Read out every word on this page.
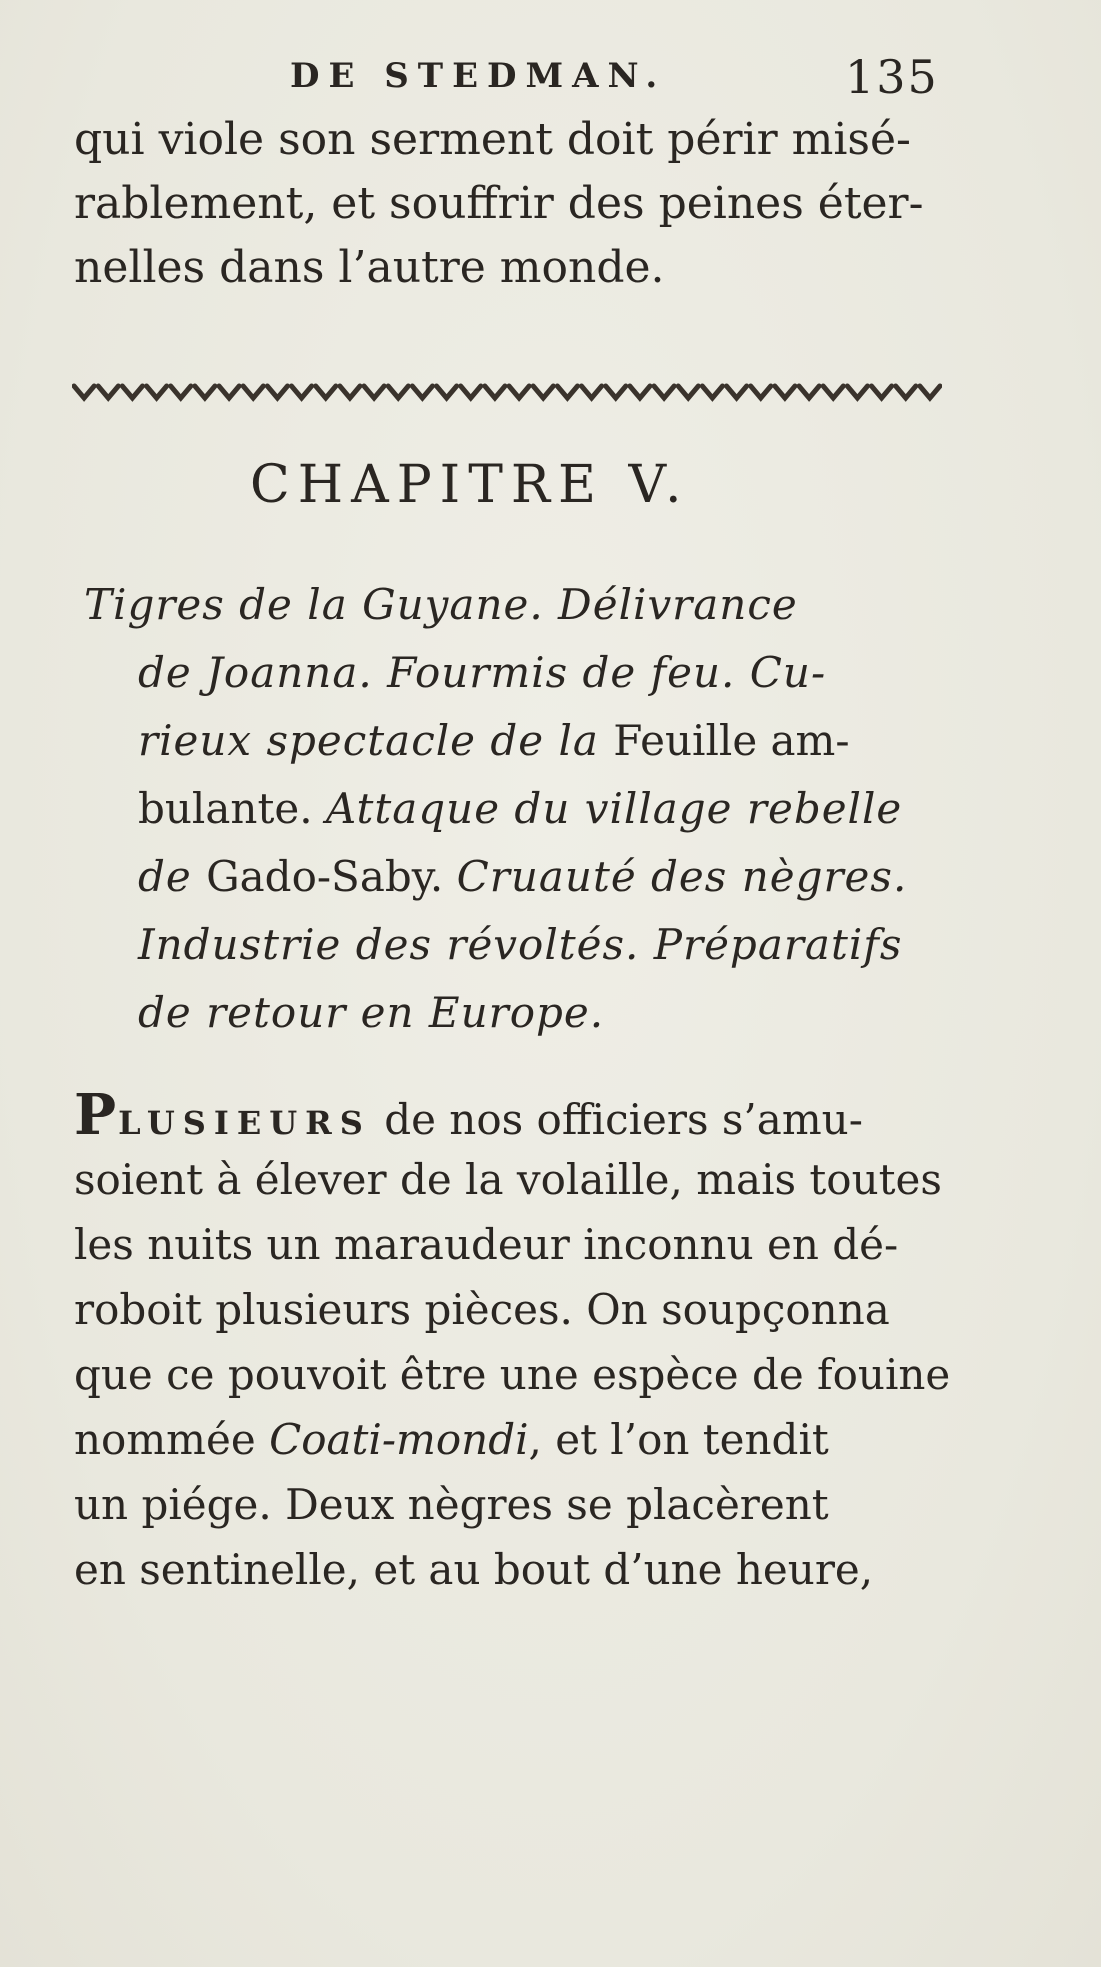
DE STEDMAN.	135
qui viole son serment doit périr misé-
rablement, et souffrir des peines éter-
nelles dans l’autre monde.
CHAPITRE V.
Tigres de la Guyane. Délivrance
de Joanna. Fourmis de feu. Cu-
rieux spectacle de la Feuille am-
bulante. Attaque du village rebelle
de Gado-Saby. Cruauté des nègres.
Industrie des révoltés. Préparatifs
de retour en Europe.
PLUSIEURS de nos officiers s’amu-
soient à élever de la volaille, mais toutes
les nuits un maraudeur inconnu en dé-
roboit plusieurs pièces. On soupçonna
que ce pouvoit être une espèce de fouine
nommée Coati-mondi, et l’on tendit
un piége. Deux nègres se placèrent
en sentinelle, et au bout d’une heure,
